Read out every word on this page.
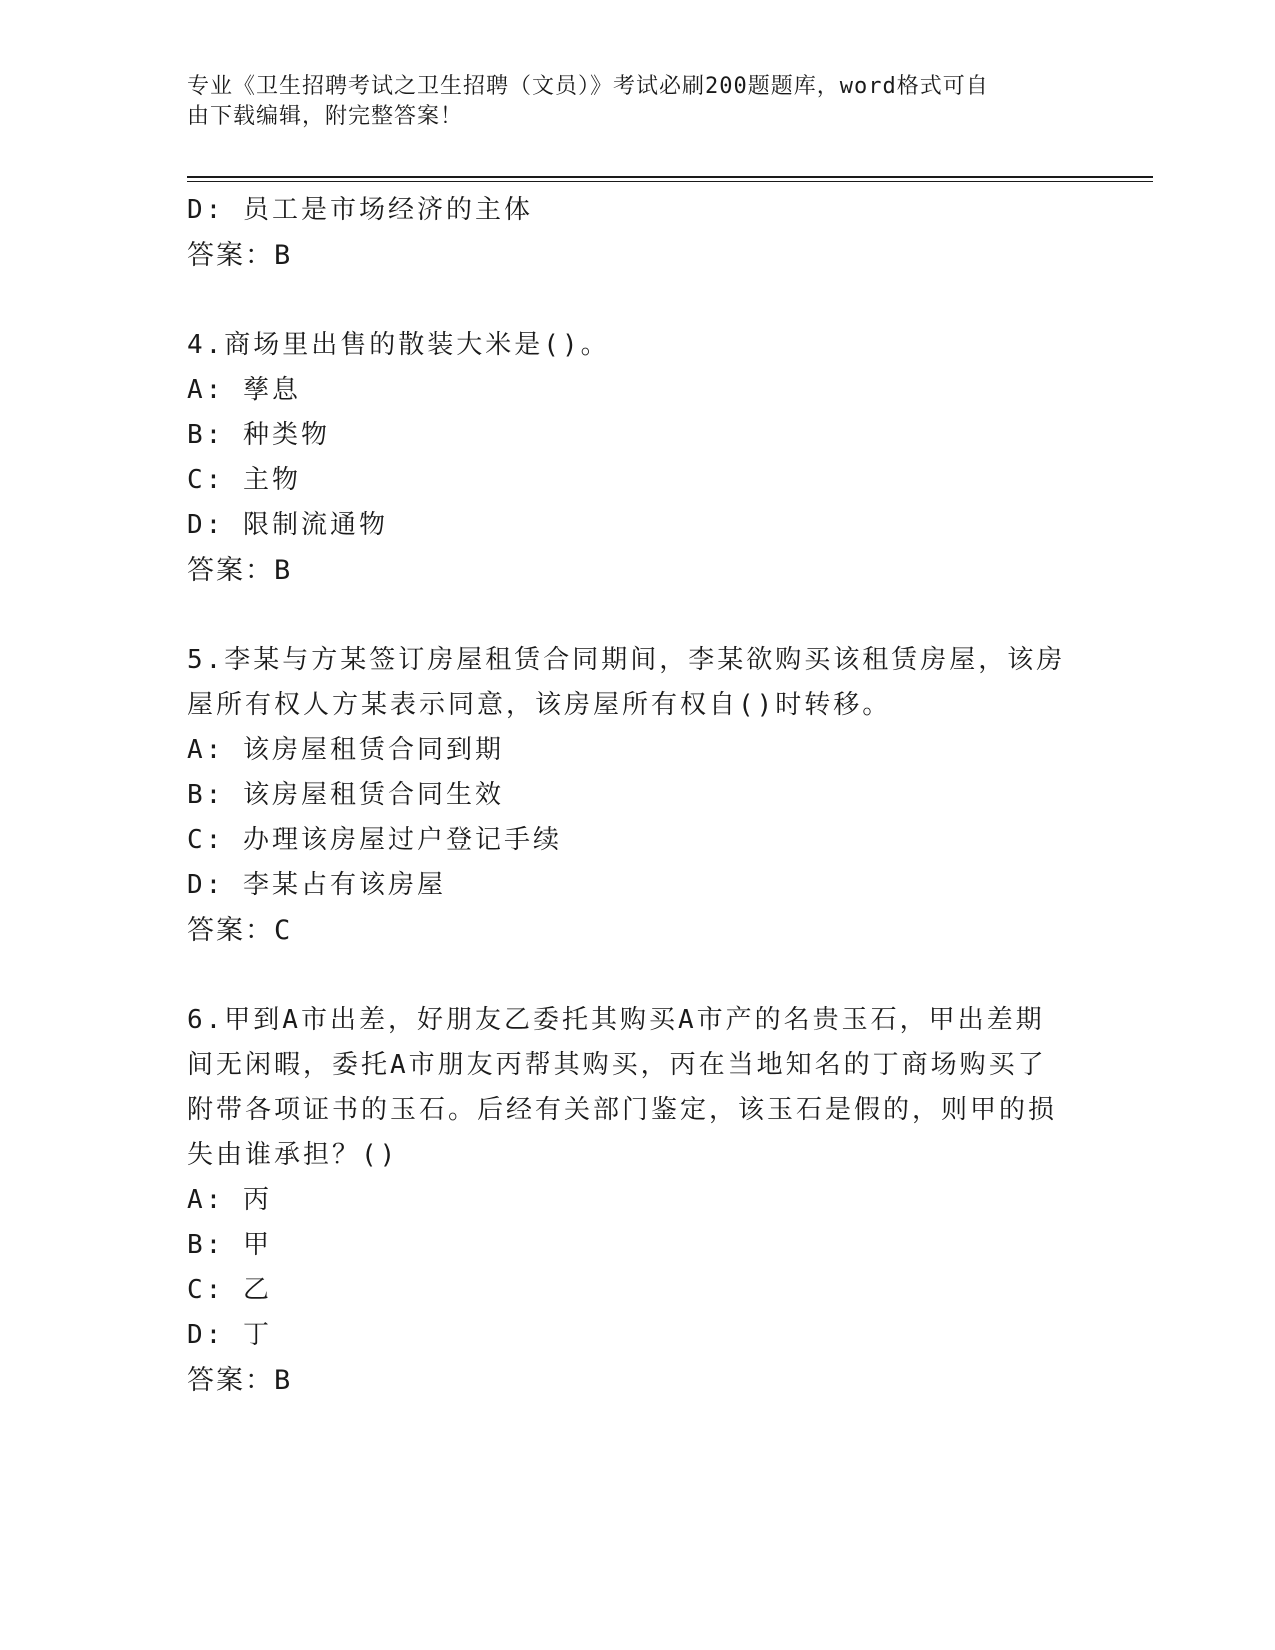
专业《卫生招聘考试之卫生招聘（文员）》考试必刷200题题库，word格式可自
由下载编辑，附完整答案！
D: 员工是市场经济的主体
答案：B
4.商场里出售的散装大米是()。
A: 孳息
B: 种类物
C: 主物
D: 限制流通物
答案：B
5.李某与方某签订房屋租赁合同期间，李某欲购买该租赁房屋，该房
屋所有权人方某表示同意，该房屋所有权自()时转移。
A: 该房屋租赁合同到期
B: 该房屋租赁合同生效
C: 办理该房屋过户登记手续
D: 李某占有该房屋
答案：C
6.甲到A市出差，好朋友乙委托其购买A市产的名贵玉石，甲出差期
间无闲暇，委托A市朋友丙帮其购买，丙在当地知名的丁商场购买了
附带各项证书的玉石。后经有关部门鉴定，该玉石是假的，则甲的损
失由谁承担？()
A: 丙
B: 甲
C: 乙
D: 丁
答案：B
